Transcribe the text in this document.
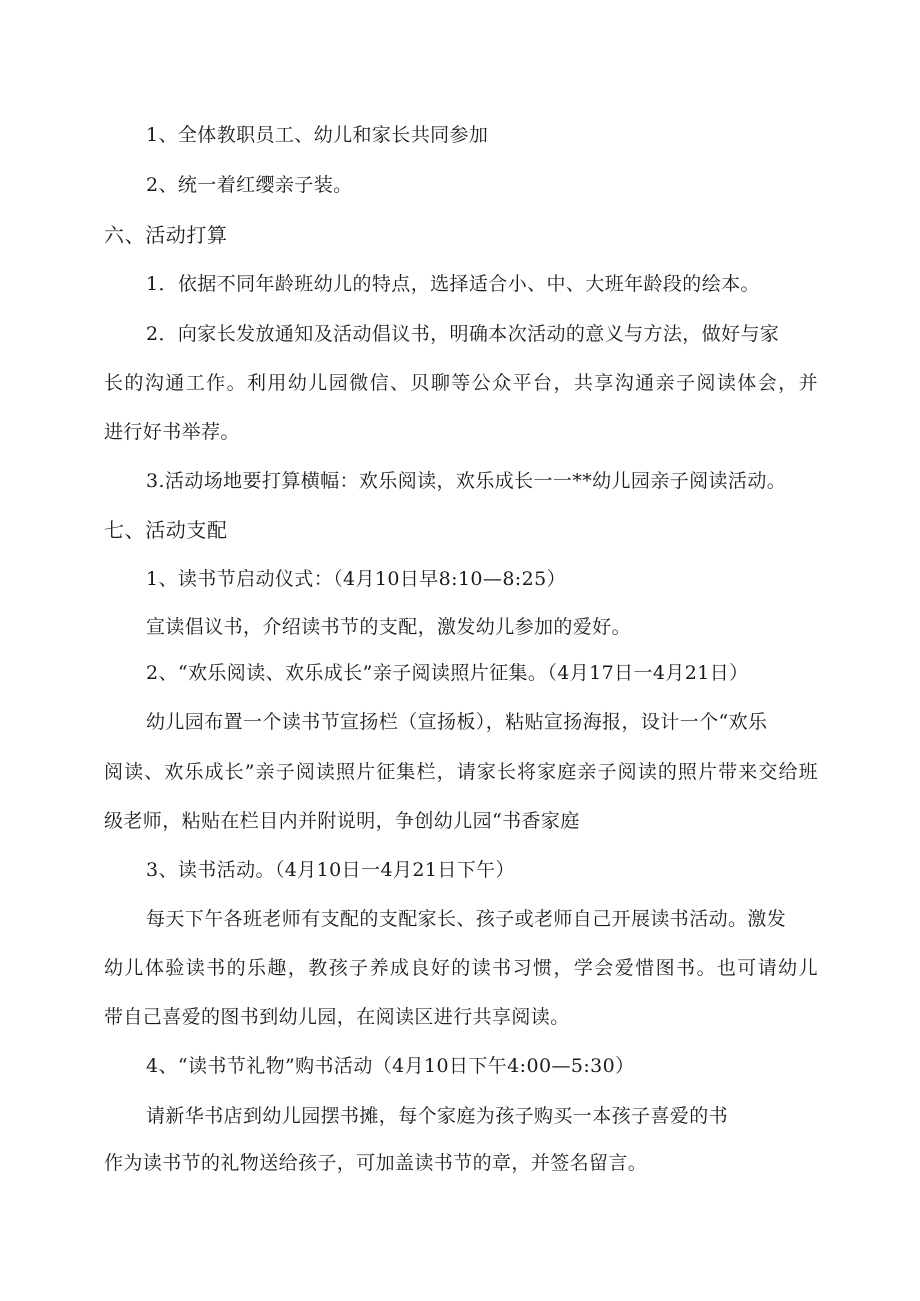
1、全体教职员工、幼儿和家长共同参加
2、统一着红缨亲子装。
六、活动打算
1．依据不同年龄班幼儿的特点，选择适合小、中、大班年龄段的绘本。
2．向家长发放通知及活动倡议书，明确本次活动的意义与方法，做好与家
长的沟通工作。利用幼儿园微信、贝聊等公众平台，共享沟通亲子阅读体会，并
进行好书举荐。
3.活动场地要打算横幅：欢乐阅读，欢乐成长一一**幼儿园亲子阅读活动。
七、活动支配
1、读书节启动仪式：（4月10日早8:10—8:25）
宣读倡议书，介绍读书节的支配，激发幼儿参加的爱好。
2、“欢乐阅读、欢乐成长”亲子阅读照片征集。（4月17日一4月21日）
幼儿园布置一个读书节宣扬栏（宣扬板），粘贴宣扬海报，设计一个“欢乐
阅读、欢乐成长”亲子阅读照片征集栏，请家长将家庭亲子阅读的照片带来交给班
级老师，粘贴在栏目内并附说明，争创幼儿园“书香家庭
3、读书活动。（4月10日一4月21日下午）
每天下午各班老师有支配的支配家长、孩子或老师自己开展读书活动。激发
幼儿体验读书的乐趣，教孩子养成良好的读书习惯，学会爱惜图书。也可请幼儿
带自己喜爱的图书到幼儿园，在阅读区进行共享阅读。
4、“读书节礼物”购书活动（4月10日下午4:00—5:30）
请新华书店到幼儿园摆书摊，每个家庭为孩子购买一本孩子喜爱的书
作为读书节的礼物送给孩子，可加盖读书节的章，并签名留言。
